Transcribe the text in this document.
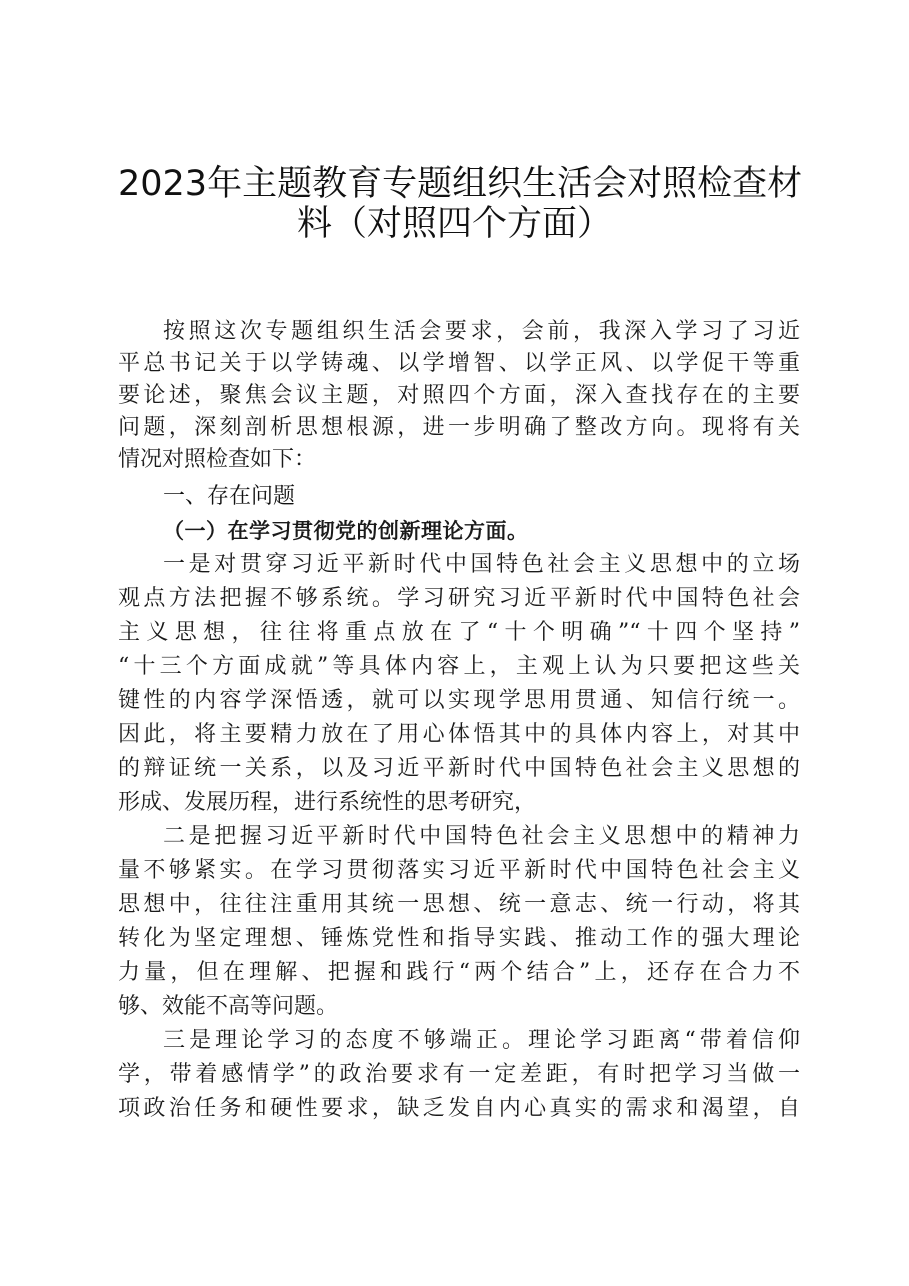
2023年主题教育专题组织生活会对照检查材
料（对照四个方面）
按照这次专题组织生活会要求，会前，我深入学习了习近
平总书记关于以学铸魂、以学增智、以学正风、以学促干等重
要论述，聚焦会议主题，对照四个方面，深入查找存在的主要
问题，深刻剖析思想根源，进一步明确了整改方向。现将有关
情况对照检查如下：
一、存在问题
（一）在学习贯彻党的创新理论方面。
一是对贯穿习近平新时代中国特色社会主义思想中的立场
观点方法把握不够系统。学习研究习近平新时代中国特色社会
主义思想，往往将重点放在了“十个明确”“十四个坚持”
“十三个方面成就”等具体内容上，主观上认为只要把这些关
键性的内容学深悟透，就可以实现学思用贯通、知信行统一。
因此，将主要精力放在了用心体悟其中的具体内容上，对其中
的辩证统一关系，以及习近平新时代中国特色社会主义思想的
形成、发展历程，进行系统性的思考研究，
二是把握习近平新时代中国特色社会主义思想中的精神力
量不够紧实。在学习贯彻落实习近平新时代中国特色社会主义
思想中，往往注重用其统一思想、统一意志、统一行动，将其
转化为坚定理想、锤炼党性和指导实践、推动工作的强大理论
力量，但在理解、把握和践行“两个结合”上，还存在合力不
够、效能不高等问题。
三是理论学习的态度不够端正。理论学习距离“带着信仰
学，带着感情学”的政治要求有一定差距，有时把学习当做一
项政治任务和硬性要求，缺乏发自内心真实的需求和渴望，自
